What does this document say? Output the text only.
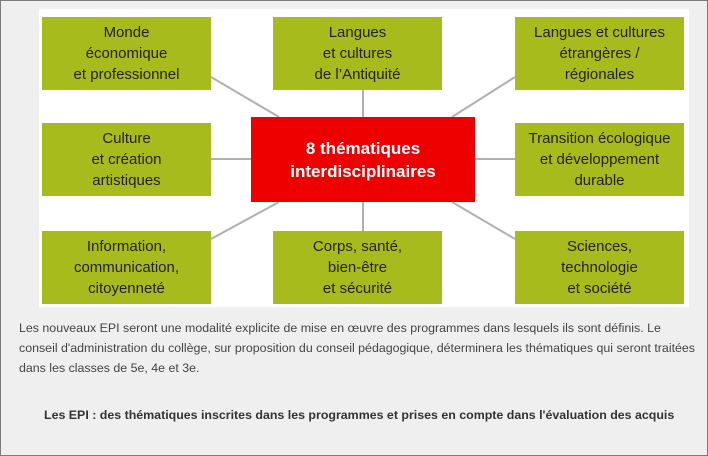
Monde
économique
et professionnel
Langues
et cultures
de l’Antiquité
Langues et cultures
étrangères /
régionales
Culture
et création
artistiques
8 thématiques
interdisciplinaires
Transition écologique
et développement
durable
Information,
communication,
citoyenneté
Corps, santé,
bien-être
et sécurité
Sciences,
technologie
et société
Les nouveaux EPI seront une modalité explicite de mise en œuvre des programmes dans lesquels ils sont définis. Le conseil d'administration du collège, sur proposition du conseil pédagogique, déterminera les thématiques qui seront traitées dans les classes de 5e, 4e et 3e.
Les EPI : des thématiques inscrites dans les programmes et prises en compte dans l'évaluation des acquis
